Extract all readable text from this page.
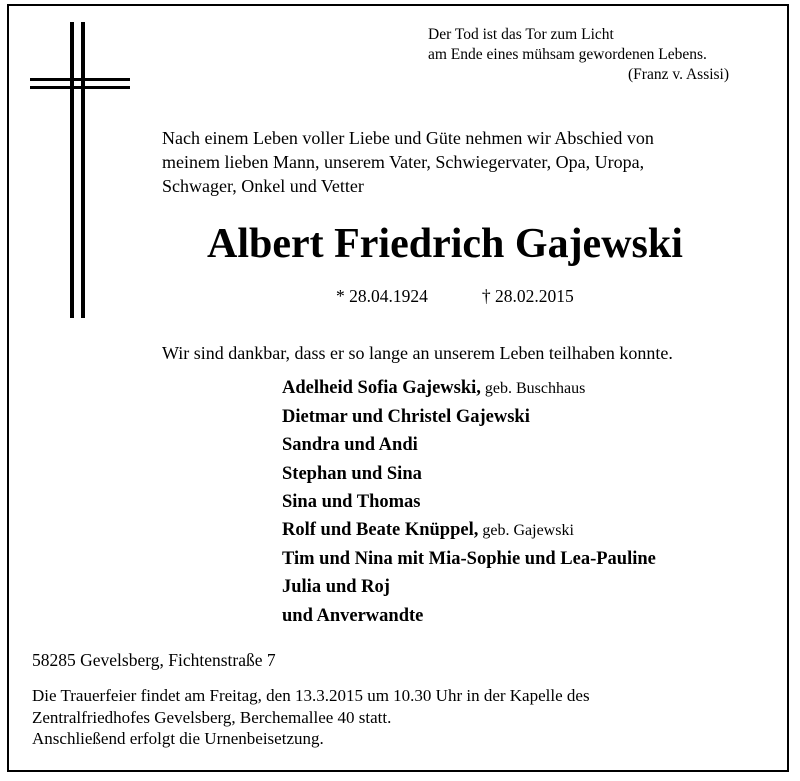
Der Tod ist das Tor zum Licht
am Ende eines mühsam gewordenen Lebens.
(Franz v. Assisi)
Nach einem Leben voller Liebe und Güte nehmen wir Abschied von
meinem lieben Mann, unserem Vater, Schwiegervater, Opa, Uropa,
Schwager, Onkel und Vetter
Albert Friedrich Gajewski
* 28.04.1924	† 28.02.2015
Wir sind dankbar, dass er so lange an unserem Leben teilhaben konnte.
Adelheid Sofia Gajewski, geb. Buschhaus
Dietmar und Christel Gajewski
Sandra und Andi
Stephan und Sina
Sina und Thomas
Rolf und Beate Knüppel, geb. Gajewski
Tim und Nina mit Mia-Sophie und Lea-Pauline
Julia und Roj
und Anverwandte
58285 Gevelsberg, Fichtenstraße 7
Die Trauerfeier findet am Freitag, den 13.3.2015 um 10.30 Uhr in der Kapelle des
Zentralfriedhofes Gevelsberg, Berchemallee 40 statt.
Anschließend erfolgt die Urnenbeisetzung.
